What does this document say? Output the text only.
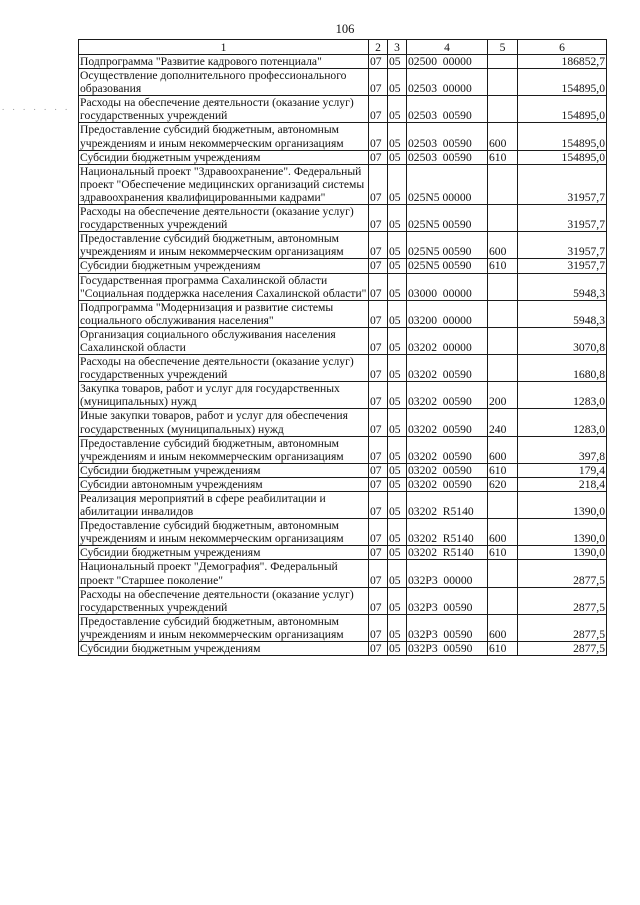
106
. . . . . . .
1	2	3	4	5	6
Подпрограмма "Развитие кадрового потенциала"	07	05	02500  00000		186852,7
Осуществление дополнительного профессионального образования	07	05	02503  00000		154895,0
Расходы на обеспечение деятельности (оказание услуг) государственных учреждений	07	05	02503  00590		154895,0
Предоставление субсидий бюджетным, автономным учреждениям и иным некоммерческим организациям	07	05	02503  00590	600	154895,0
Субсидии бюджетным учреждениям	07	05	02503  00590	610	154895,0
Национальный проект "Здравоохранение". Федеральный проект "Обеспечение медицинских организаций системы здравоохранения квалифицированными кадрами"	07	05	025N5 00000		31957,7
Расходы на обеспечение деятельности (оказание услуг) государственных учреждений	07	05	025N5 00590		31957,7
Предоставление субсидий бюджетным, автономным учреждениям и иным некоммерческим организациям	07	05	025N5 00590	600	31957,7
Субсидии бюджетным учреждениям	07	05	025N5 00590	610	31957,7
Государственная программа Сахалинской области "Социальная поддержка населения Сахалинской области"	07	05	03000  00000		5948,3
Подпрограмма "Модернизация и развитие системы социального обслуживания населения"	07	05	03200  00000		5948,3
Организация социального обслуживания населения Сахалинской области	07	05	03202  00000		3070,8
Расходы на обеспечение деятельности (оказание услуг) государственных учреждений	07	05	03202  00590		1680,8
Закупка товаров, работ и услуг для государственных (муниципальных) нужд	07	05	03202  00590	200	1283,0
Иные закупки товаров, работ и услуг для обеспечения государственных (муниципальных) нужд	07	05	03202  00590	240	1283,0
Предоставление субсидий бюджетным, автономным учреждениям и иным некоммерческим организациям	07	05	03202  00590	600	397,8
Субсидии бюджетным учреждениям	07	05	03202  00590	610	179,4
Субсидии автономным учреждениям	07	05	03202  00590	620	218,4
Реализация мероприятий в сфере реабилитации и абилитации инвалидов	07	05	03202  R5140		1390,0
Предоставление субсидий бюджетным, автономным учреждениям и иным некоммерческим организациям	07	05	03202  R5140	600	1390,0
Субсидии бюджетным учреждениям	07	05	03202  R5140	610	1390,0
Национальный проект "Демография". Федеральный проект "Старшее поколение"	07	05	032P3  00000		2877,5
Расходы на обеспечение деятельности (оказание услуг) государственных учреждений	07	05	032P3  00590		2877,5
Предоставление субсидий бюджетным, автономным учреждениям и иным некоммерческим организациям	07	05	032P3  00590	600	2877,5
Субсидии бюджетным учреждениям	07	05	032P3  00590	610	2877,5
